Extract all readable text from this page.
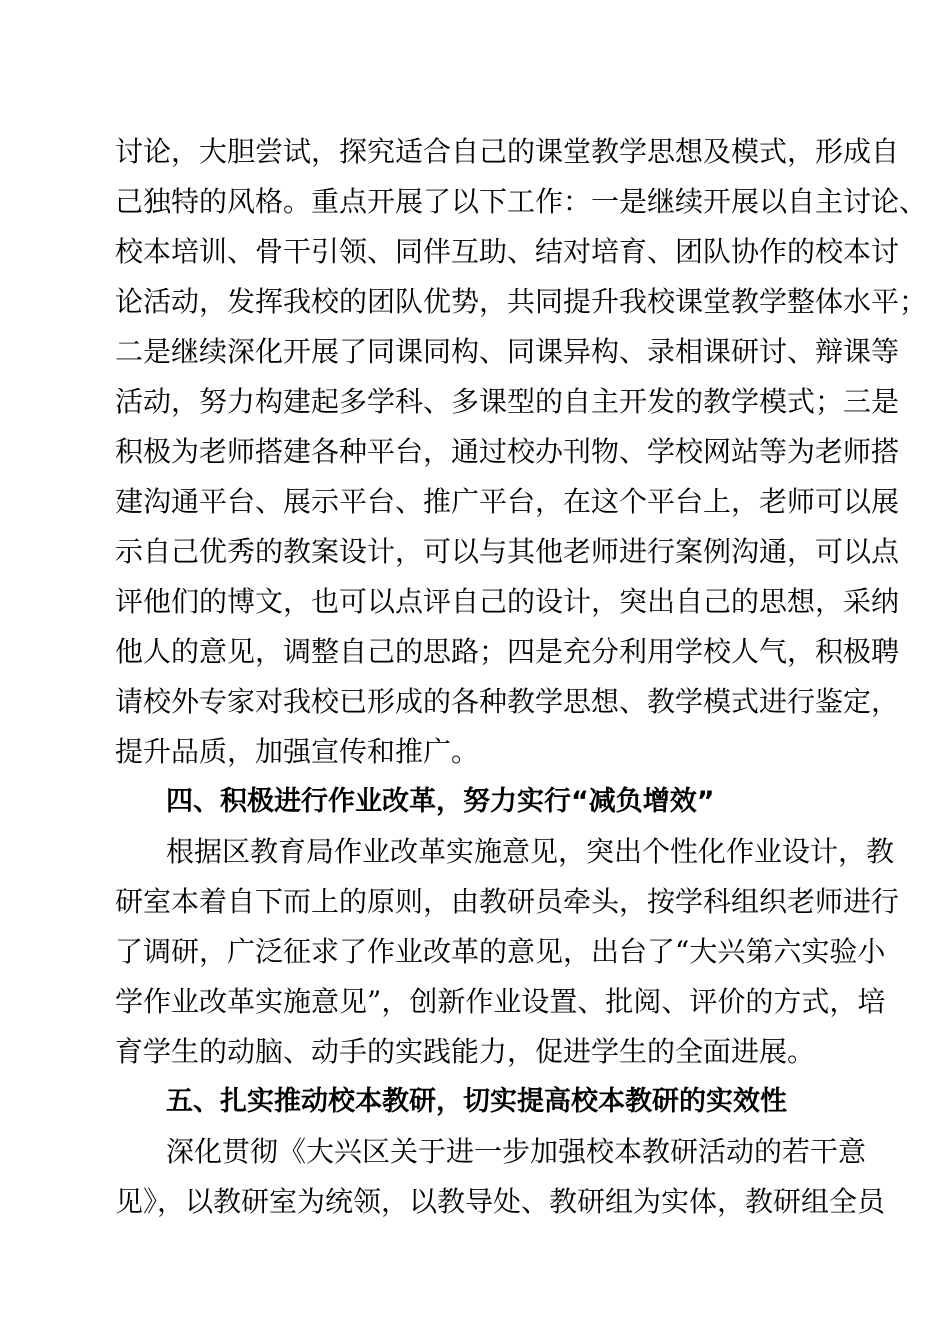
讨论，大胆尝试，探究适合自己的课堂教学思想及模式，形成自
己独特的风格。重点开展了以下工作：一是继续开展以自主讨论、
校本培训、骨干引领、同伴互助、结对培育、团队协作的校本讨
论活动，发挥我校的团队优势，共同提升我校课堂教学整体水平；
二是继续深化开展了同课同构、同课异构、录相课研讨、辩课等
活动，努力构建起多学科、多课型的自主开发的教学模式；三是
积极为老师搭建各种平台，通过校办刊物、学校网站等为老师搭
建沟通平台、展示平台、推广平台，在这个平台上，老师可以展
示自己优秀的教案设计，可以与其他老师进行案例沟通，可以点
评他们的博文，也可以点评自己的设计，突出自己的思想，采纳
他人的意见，调整自己的思路；四是充分利用学校人气，积极聘
请校外专家对我校已形成的各种教学思想、教学模式进行鉴定，
提升品质，加强宣传和推广。
四、积极进行作业改革，努力实行“减负增效”
根据区教育局作业改革实施意见，突出个性化作业设计，教
研室本着自下而上的原则，由教研员牵头，按学科组织老师进行
了调研，广泛征求了作业改革的意见，出台了“大兴第六实验小
学作业改革实施意见”，创新作业设置、批阅、评价的方式，培
育学生的动脑、动手的实践能力，促进学生的全面进展。
五、扎实推动校本教研，切实提高校本教研的实效性
深化贯彻《大兴区关于进一步加强校本教研活动的若干意
见》，以教研室为统领，以教导处、教研组为实体，教研组全员
